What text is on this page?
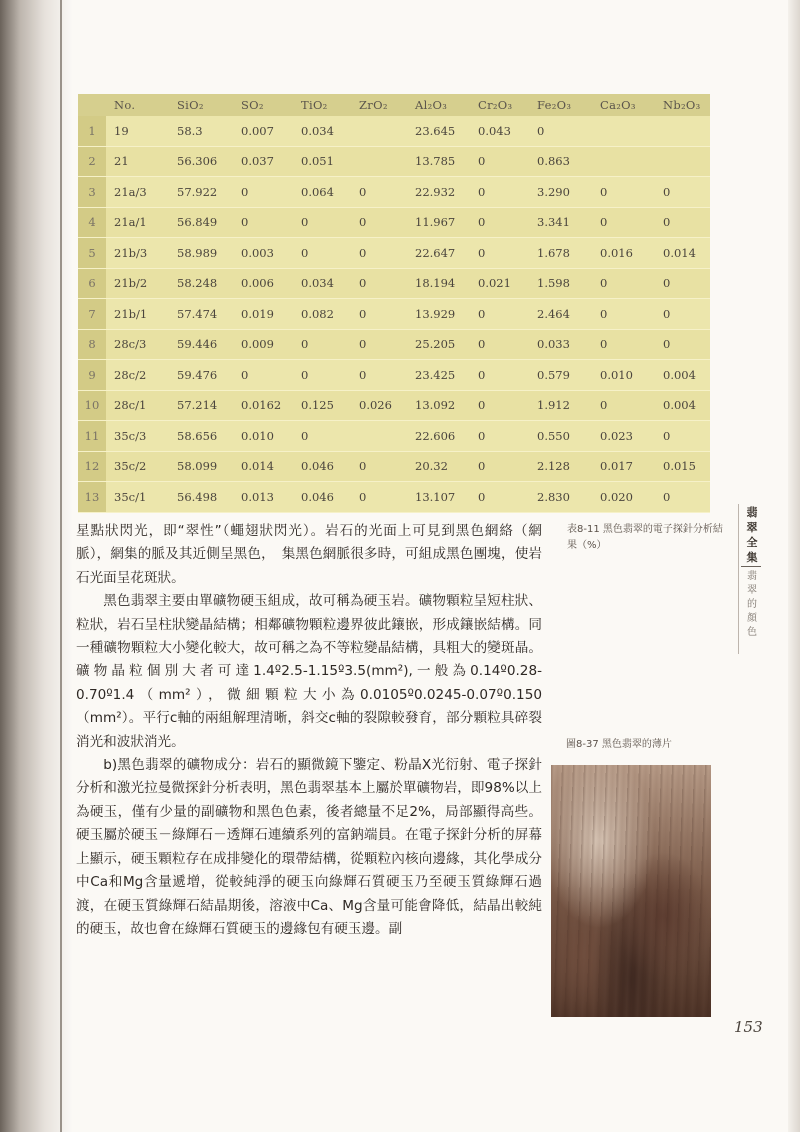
	No.	SiO₂	SO₂	TiO₂	ZrO₂	Al₂O₃	Cr₂O₃	Fe₂O₃	Ca₂O₃	Nb₂O₃
1	19	58.3	0.007	0.034		23.645	0.043	0		
2	21	56.306	0.037	0.051		13.785	0	0.863		
3	21a/3	57.922	0	0.064	0	22.932	0	3.290	0	0
4	21a/1	56.849	0	0	0	11.967	0	3.341	0	0
5	21b/3	58.989	0.003	0	0	22.647	0	1.678	0.016	0.014
6	21b/2	58.248	0.006	0.034	0	18.194	0.021	1.598	0	0
7	21b/1	57.474	0.019	0.082	0	13.929	0	2.464	0	0
8	28c/3	59.446	0.009	0	0	25.205	0	0.033	0	0
9	28c/2	59.476	0	0	0	23.425	0	0.579	0.010	0.004
10	28c/1	57.214	0.0162	0.125	0.026	13.092	0	1.912	0	0.004
11	35c/3	58.656	0.010	0		22.606	0	0.550	0.023	0
12	35c/2	58.099	0.014	0.046	0	20.32	0	2.128	0.017	0.015
13	35c/1	56.498	0.013	0.046	0	13.107	0	2.830	0.020	0
翡翠全集
翡翠的顏色
表8-11 黑色翡翠的電子探針分析結果（%）
圖8-37 黑色翡翠的薄片

星點狀閃光，即“翠性”（蠅翅狀閃光）。岩石的光面上可見到黑色網絡（網脈），網集的脈及其近側呈黑色，　集黑色網脈很多時，可組成黑色團塊，使岩石光面呈花斑狀。

黑色翡翠主要由單礦物硬玉組成，故可稱為硬玉岩。礦物顆粒呈短柱狀、粒狀，岩石呈柱狀變晶結構；相鄰礦物顆粒邊界彼此鑲嵌，形成鑲嵌結構。同一種礦物顆粒大小變化較大，故可稱之為不等粒變晶結構，具粗大的變斑晶。礦物晶粒個別大者可達1.4º2.5-1.15º3.5(mm²),一般為0.14º0.28-0.70º1.4（mm²），微細顆粒大小為0.0105º0.0245-0.07º0.150（mm²）。平行c軸的兩組解理清晰，斜交c軸的裂隙較發育，部分顆粒具碎裂消光和波狀消光。

b)黑色翡翠的礦物成分：岩石的顯微鏡下鑒定、粉晶X光衍射、電子探針分析和激光拉曼微探針分析表明，黑色翡翠基本上屬於單礦物岩，即98%以上為硬玉，僅有少量的副礦物和黑色色素，後者總量不足2%，局部顯得高些。硬玉屬於硬玉－綠輝石－透輝石連續系列的富鈉端員。在電子探針分析的屏幕上顯示，硬玉顆粒存在成排變化的環帶結構，從顆粒內核向邊緣，其化學成分中Ca和Mg含量遞增，從較純淨的硬玉向綠輝石質硬玉乃至硬玉質綠輝石過渡，在硬玉質綠輝石結晶期後，溶液中Ca、Mg含量可能會降低，結晶出較純的硬玉，故也會在綠輝石質硬玉的邊緣包有硬玉邊。副

153
